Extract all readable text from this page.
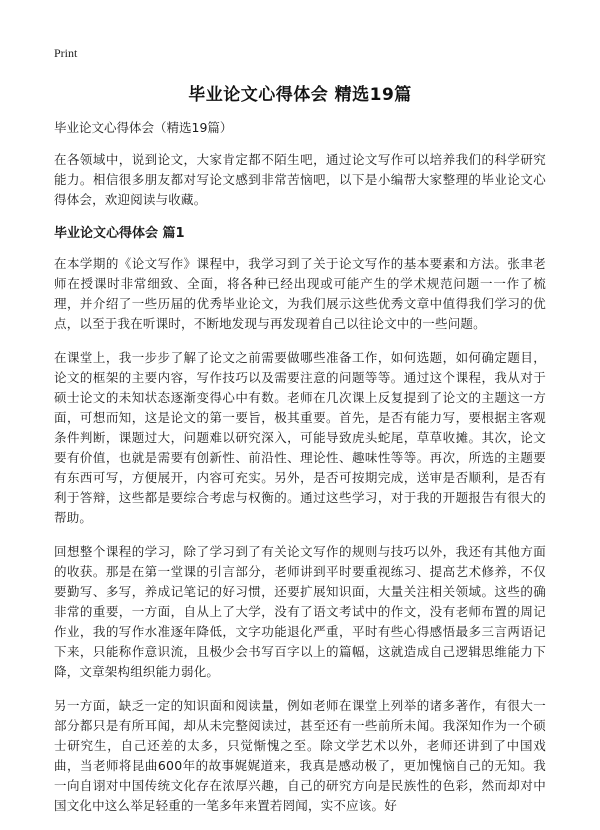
Print
毕业论文心得体会 精选19篇
毕业论文心得体会（精选19篇）

在各领域中，说到论文，大家肯定都不陌生吧，通过论文写作可以培养我们的科学研究能力。相信很多朋友都对写论文感到非常苦恼吧，以下是小编帮大家整理的毕业论文心得体会，欢迎阅读与收藏。

毕业论文心得体会 篇1

在本学期的《论文写作》课程中，我学习到了关于论文写作的基本要素和方法。张聿老师在授课时非常细致、全面，将各种已经出现或可能产生的学术规范问题一一作了梳理，并介绍了一些历届的优秀毕业论文，为我们展示这些优秀文章中值得我们学习的优点，以至于我在听课时，不断地发现与再发现着自己以往论文中的一些问题。

在课堂上，我一步步了解了论文之前需要做哪些准备工作，如何选题，如何确定题目，论文的框架的主要内容，写作技巧以及需要注意的问题等等。通过这个课程，我从对于硕士论文的未知状态逐渐变得心中有数。老师在几次课上反复提到了论文的主题这一方面，可想而知，这是论文的第一要旨，极其重要。首先，是否有能力写，要根据主客观条件判断，课题过大，问题难以研究深入，可能导致虎头蛇尾，草草收摊。其次，论文要有价值，也就是需要有创新性、前沿性、理论性、趣味性等等。再次，所选的主题要有东西可写，方便展开，内容可充实。另外，是否可按期完成，送审是否顺利，是否有利于答辩，这些都是要综合考虑与权衡的。通过这些学习，对于我的开题报告有很大的帮助。

回想整个课程的学习，除了学习到了有关论文写作的规则与技巧以外，我还有其他方面的收获。那是在第一堂课的引言部分，老师讲到平时要重视练习、提高艺术修养，不仅要勤写、多写，养成记笔记的好习惯，还要扩展知识面，大量关注相关领域。这些的确非常的重要，一方面，自从上了大学，没有了语文考试中的作文，没有老师布置的周记作业，我的写作水准逐年降低，文字功能退化严重，平时有些心得感悟最多三言两语记下来，只能称作意识流，且极少会书写百字以上的篇幅，这就造成自己逻辑思维能力下降，文章架构组织能力弱化。

另一方面，缺乏一定的知识面和阅读量，例如老师在课堂上列举的诸多著作，有很大一部分都只是有所耳闻，却从未完整阅读过，甚至还有一些前所未闻。我深知作为一个硕士研究生，自己还差的太多，只觉惭愧之至。除文学艺术以外，老师还讲到了中国戏曲，当老师将昆曲600年的故事娓娓道来，我真是感动极了，更加愧恼自己的无知。我一向自诩对中国传统文化存在浓厚兴趣，自己的研究方向是民族性的色彩，然而却对中国文化中这么举足轻重的一笔多年来置若罔闻，实不应该。好
